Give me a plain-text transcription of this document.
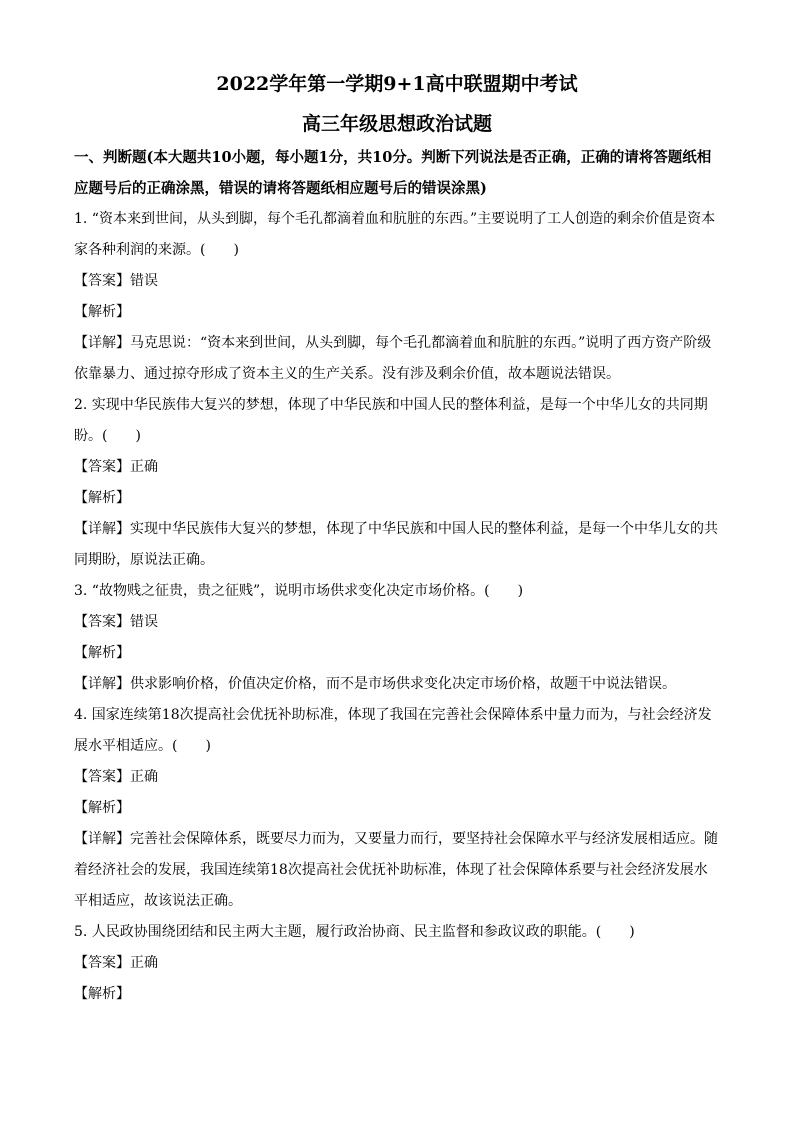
2022学年第一学期9+1高中联盟期中考试
高三年级思想政治试题

一、判断题(本大题共10小题，每小题1分，共10分。判断下列说法是否正确，正确的请将答题纸相应题号后的正确涂黑，错误的请将答题纸相应题号后的错误涂黑)

1. “资本来到世间，从头到脚，每个毛孔都滴着血和肮脏的东西。”主要说明了工人创造的剩余价值是资本家各种利润的来源。(　　)

【答案】错误

【解析】

【详解】马克思说：“资本来到世间，从头到脚，每个毛孔都滴着血和肮脏的东西。”说明了西方资产阶级依靠暴力、通过掠夺形成了资本主义的生产关系。没有涉及剩余价值，故本题说法错误。

2. 实现中华民族伟大复兴的梦想，体现了中华民族和中国人民的整体利益，是每一个中华儿女的共同期盼。(　　)

【答案】正确

【解析】

【详解】实现中华民族伟大复兴的梦想，体现了中华民族和中国人民的整体利益，是每一个中华儿女的共同期盼，原说法正确。

3. “故物贱之征贵，贵之征贱”，说明市场供求变化决定市场价格。(　　)

【答案】错误

【解析】

【详解】供求影响价格，价值决定价格，而不是市场供求变化决定市场价格，故题干中说法错误。

4. 国家连续第18次提高社会优抚补助标准，体现了我国在完善社会保障体系中量力而为，与社会经济发展水平相适应。(　　)

【答案】正确

【解析】

【详解】完善社会保障体系，既要尽力而为，又要量力而行，要坚持社会保障水平与经济发展相适应。随着经济社会的发展，我国连续第18次提高社会优抚补助标准，体现了社会保障体系要与社会经济发展水平相适应，故该说法正确。

5. 人民政协围绕团结和民主两大主题，履行政治协商、民主监督和参政议政的职能。(　　)

【答案】正确

【解析】
